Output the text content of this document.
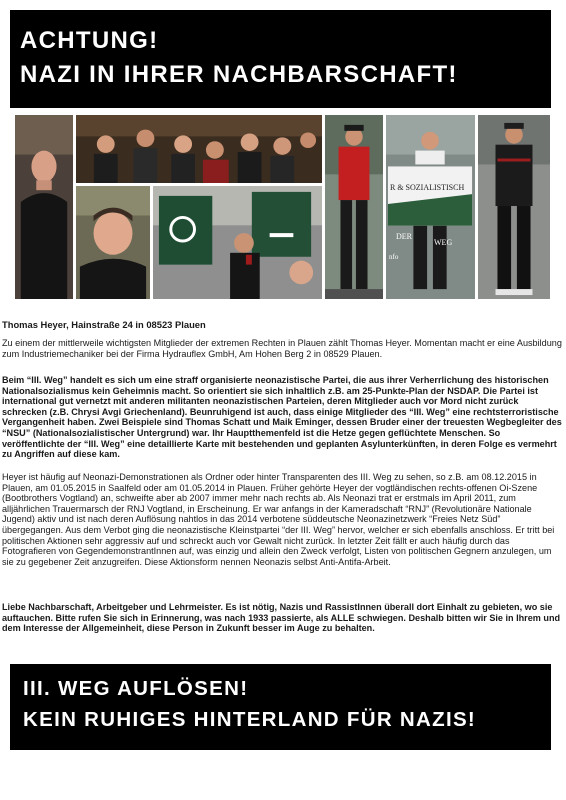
ACHTUNG!
NAZI IN IHRER NACHBARSCHAFT!
R & SOZIALISTISCH
DER
WEG
nfo
Thomas Heyer, Hainstraße 24 in 08523 Plauen

Zu einem der mittlerweile wichtigsten Mitglieder der extremen Rechten in Plauen zählt Thomas Heyer. Momentan macht er eine Ausbildung zum Industriemechaniker bei der Firma Hydrauflex GmbH, Am Hohen Berg 2 in 08529 Plauen.

Beim “III. Weg” handelt es sich um eine straff organisierte neonazistische Partei, die aus ihrer Verherrlichung des historischen Nationalsozialismus kein Geheimnis macht. So orientiert sie sich inhaltlich z.B. am 25-Punkte-Plan der NSDAP. Die Partei ist international gut vernetzt mit anderen militanten neonazistischen Parteien, deren Mitglieder auch vor Mord nicht zurück schrecken (z.B. Chrysi Avgi Griechenland). Beunruhigend ist auch, dass einige Mitglieder des “III. Weg” eine rechtsterroristische Vergangenheit haben. Zwei Beispiele sind Thomas Schatt und Maik Eminger, dessen Bruder einer der treuesten Wegbegleiter des “NSU” (Nationalsozialistischer Untergrund) war. Ihr Hauptthemenfeld ist die Hetze gegen geflüchtete Menschen. So veröffentlichte der “III. Weg” eine detaillierte Karte mit bestehenden und geplanten Asylunterkünften, in deren Folge es vermehrt zu Angriffen auf diese kam.

Heyer ist häufig auf Neonazi-Demonstrationen als Ordner oder hinter Transparenten des III. Weg zu sehen, so z.B. am 08.12.2015 in Plauen, am 01.05.2015 in Saalfeld oder am 01.05.2014 in Plauen. Früher gehörte Heyer der vogtländischen rechts-offenen Oi-Szene (Bootbrothers Vogtland) an, schweifte aber ab 2007 immer mehr nach rechts ab. Als Neonazi trat er erstmals im April 2011, zum alljährlichen Trauermarsch der RNJ Vogtland, in Erscheinung. Er war anfangs in der Kameradschaft “RNJ” (Revolutionäre Nationale Jugend) aktiv und ist nach deren Auflösung nahtlos in das 2014 verbotene süddeutsche Neonazinetzwerk “Freies Netz Süd” übergegangen. Aus dem Verbot ging die neonazistische Kleinstpartei “der III. Weg” hervor, welcher er sich ebenfalls anschloss. Er tritt bei politischen Aktionen sehr aggressiv auf und schreckt auch vor Gewalt nicht zurück. In letzter Zeit fällt er auch häufig durch das Fotografieren von GegendemonstrantInnen auf, was einzig und allein den Zweck verfolgt, Listen von politischen Gegnern anzulegen, um sie zu gegebener Zeit anzugreifen. Diese Aktionsform nennen Neonazis selbst Anti-Antifa-Arbeit.

Liebe Nachbarschaft, Arbeitgeber und Lehrmeister. Es ist nötig, Nazis und RassistInnen überall dort Einhalt zu gebieten, wo sie auftauchen. Bitte rufen Sie sich in Erinnerung, was nach 1933 passierte, als ALLE schwiegen. Deshalb bitten wir Sie in Ihrem und dem Interesse der Allgemeinheit, diese Person in Zukunft besser im Auge zu behalten.

III. WEG AUFLÖSEN!
KEIN RUHIGES HINTERLAND FÜR NAZIS!
